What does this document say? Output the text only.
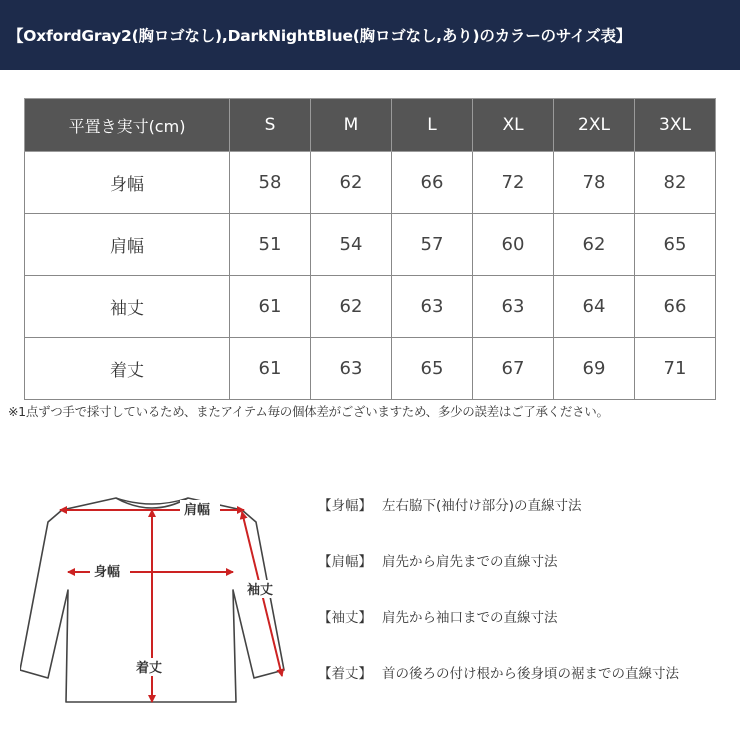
【OxfordGray2(胸ロゴなし),DarkNightBlue(胸ロゴなし,あり)のカラーのサイズ表】
平置き実寸(cm)	S	M	L	XL	2XL	3XL
身幅	58	62	66	72	78	82
肩幅	51	54	57	60	62	65
袖丈	61	62	63	63	64	66
着丈	61	63	65	67	69	71
※1点ずつ手で採寸しているため、またアイテム毎の個体差がございますため、多少の誤差はご了承ください。
肩幅
身幅
着丈
袖丈
【身幅】 左右脇下(袖付け部分)の直線寸法
【肩幅】 肩先から肩先までの直線寸法
【袖丈】 肩先から袖口までの直線寸法
【着丈】 首の後ろの付け根から後身頃の裾までの直線寸法
